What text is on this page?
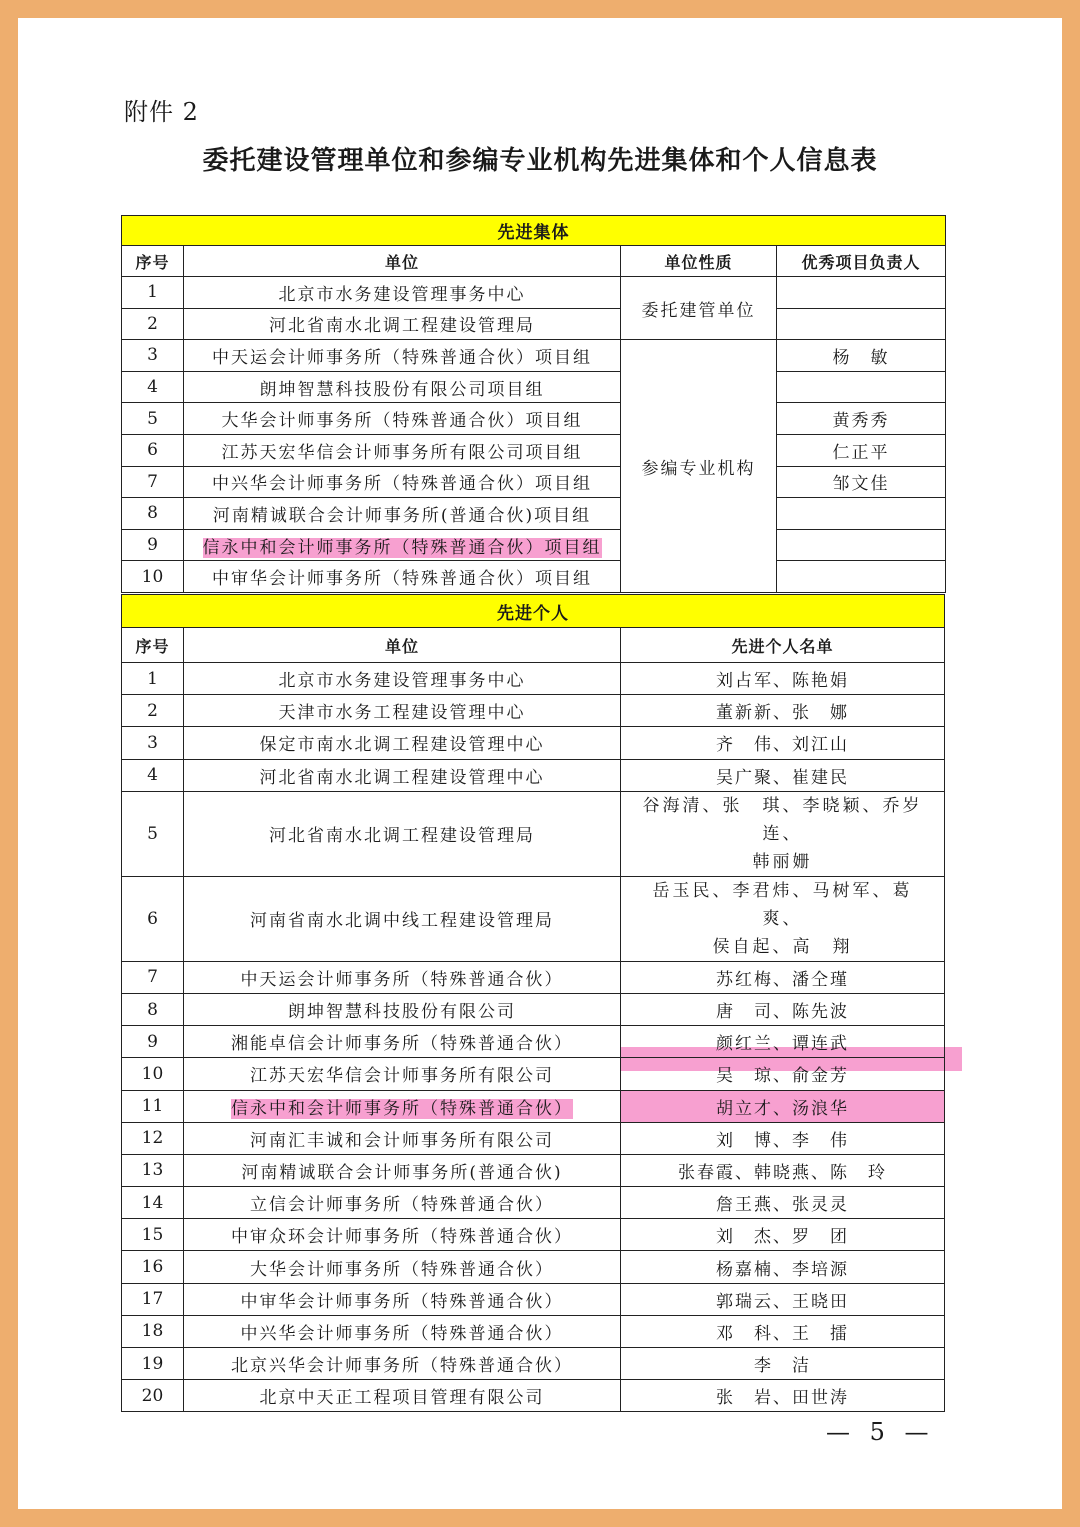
附件 2
委托建设管理单位和参编专业机构先进集体和个人信息表
先进集体			
序号	单位	单位性质	优秀项目负责人
1	北京市水务建设管理事务中心	委托建管单位	
2	河北省南水北调工程建设管理局		
3	中天运会计师事务所（特殊普通合伙）项目组	参编专业机构	杨　敏
4	朗坤智慧科技股份有限公司项目组		
5	大华会计师事务所（特殊普通合伙）项目组		黄秀秀
6	江苏天宏华信会计师事务所有限公司项目组		仁正平
7	中兴华会计师事务所（特殊普通合伙）项目组		邹文佳
8	河南精诚联合会计师事务所(普通合伙)项目组		
9	信永中和会计师事务所（特殊普通合伙）项目组		
10	中审华会计师事务所（特殊普通合伙）项目组		
先进个人		
序号	单位	先进个人名单
1	北京市水务建设管理事务中心	刘占军、陈艳娟
2	天津市水务工程建设管理中心	董新新、张　娜
3	保定市南水北调工程建设管理中心	齐　伟、刘江山
4	河北省南水北调工程建设管理中心	吴广聚、崔建民
5	河北省南水北调工程建设管理局	谷海清、张　琪、李晓颖、乔岁连、
韩丽姗

6	河南省南水北调中线工程建设管理局	岳玉民、李君炜、马树军、葛　爽、
侯自起、高　翔

7	中天运会计师事务所（特殊普通合伙）	苏红梅、潘仝瑾
8	朗坤智慧科技股份有限公司	唐　司、陈先波
9	湘能卓信会计师事务所（特殊普通合伙）	颜红兰、谭连武
10	江苏天宏华信会计师事务所有限公司	吴　琼、俞金芳
11	信永中和会计师事务所（特殊普通合伙）	胡立才、汤浪华
12	河南汇丰诚和会计师事务所有限公司	刘　博、李　伟
13	河南精诚联合会计师事务所(普通合伙)	张春霞、韩晓燕、陈　玲
14	立信会计师事务所（特殊普通合伙）	詹王燕、张灵灵
15	中审众环会计师事务所（特殊普通合伙）	刘　杰、罗　团
16	大华会计师事务所（特殊普通合伙）	杨嘉楠、李培源
17	中审华会计师事务所（特殊普通合伙）	郭瑞云、王晓田
18	中兴华会计师事务所（特殊普通合伙）	邓　科、王　擂
19	北京兴华会计师事务所（特殊普通合伙）	李　洁
20	北京中天正工程项目管理有限公司	张　岩、田世涛
— 5 —
